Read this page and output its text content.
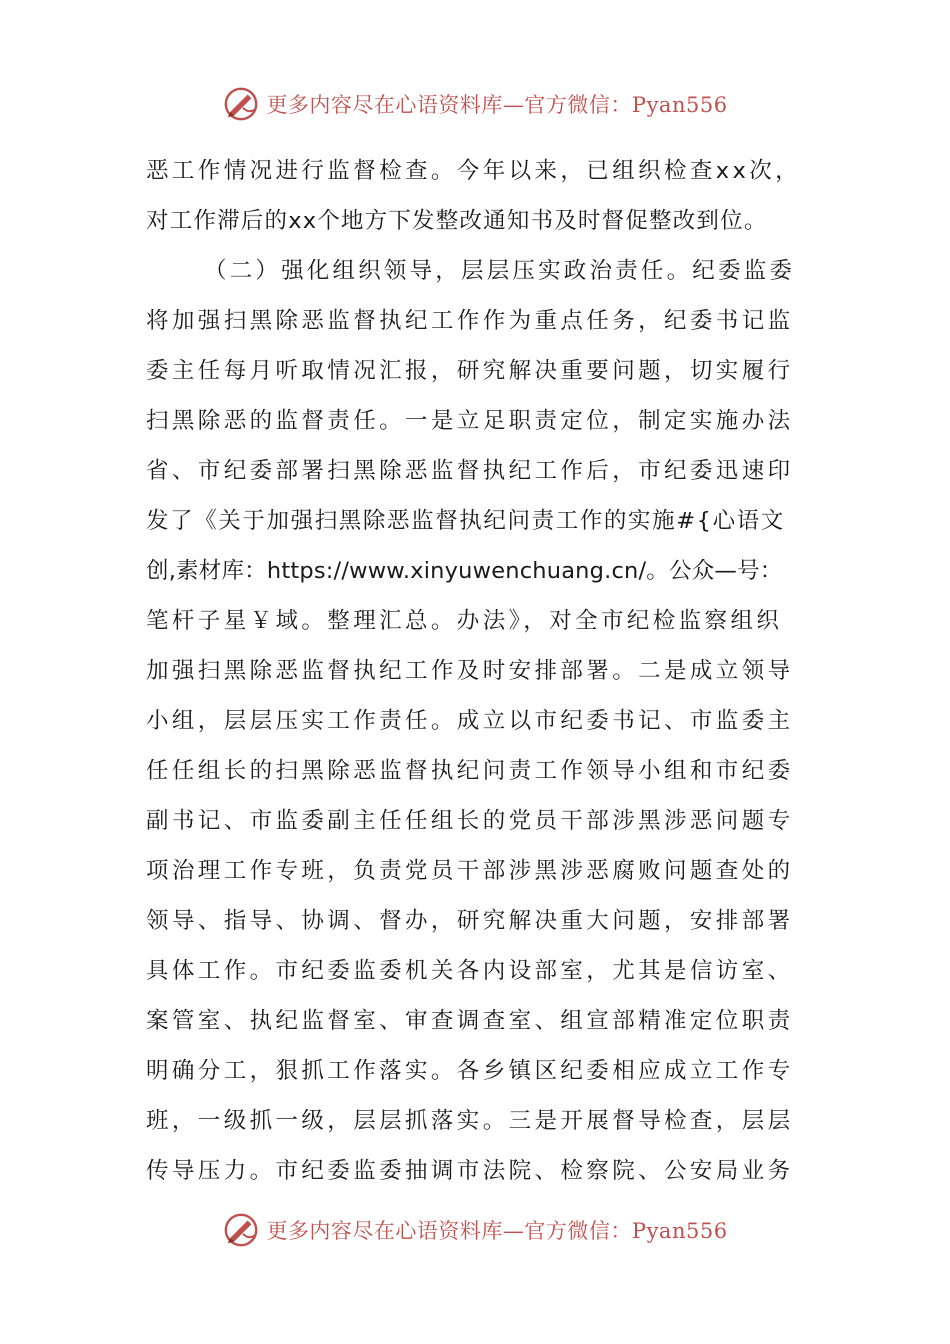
更多内容尽在心语资料库—官方微信：Pyan556
恶工作情况进行监督检查。今年以来，已组织检查xx次，
对工作滞后的xx个地方下发整改通知书及时督促整改到位。
（二）强化组织领导，层层压实政治责任。纪委监委
将加强扫黑除恶监督执纪工作作为重点任务，纪委书记监
委主任每月听取情况汇报，研究解决重要问题，切实履行
扫黑除恶的监督责任。一是立足职责定位，制定实施办法
省、市纪委部署扫黑除恶监督执纪工作后，市纪委迅速印
发了《关于加强扫黑除恶监督执纪问责工作的实施#{心语文
创,素材库：https://www.xinyuwenchuang.cn/。公众—号：
笔杆子星￥域。整理汇总。办法》，对全市纪检监察组织
加强扫黑除恶监督执纪工作及时安排部署。二是成立领导
小组，层层压实工作责任。成立以市纪委书记、市监委主
任任组长的扫黑除恶监督执纪问责工作领导小组和市纪委
副书记、市监委副主任任组长的党员干部涉黑涉恶问题专
项治理工作专班，负责党员干部涉黑涉恶腐败问题查处的
领导、指导、协调、督办，研究解决重大问题，安排部署
具体工作。市纪委监委机关各内设部室，尤其是信访室、
案管室、执纪监督室、审查调查室、组宣部精准定位职责
明确分工，狠抓工作落实。各乡镇区纪委相应成立工作专
班，一级抓一级，层层抓落实。三是开展督导检查，层层
传导压力。市纪委监委抽调市法院、检察院、公安局业务
更多内容尽在心语资料库—官方微信：Pyan556
